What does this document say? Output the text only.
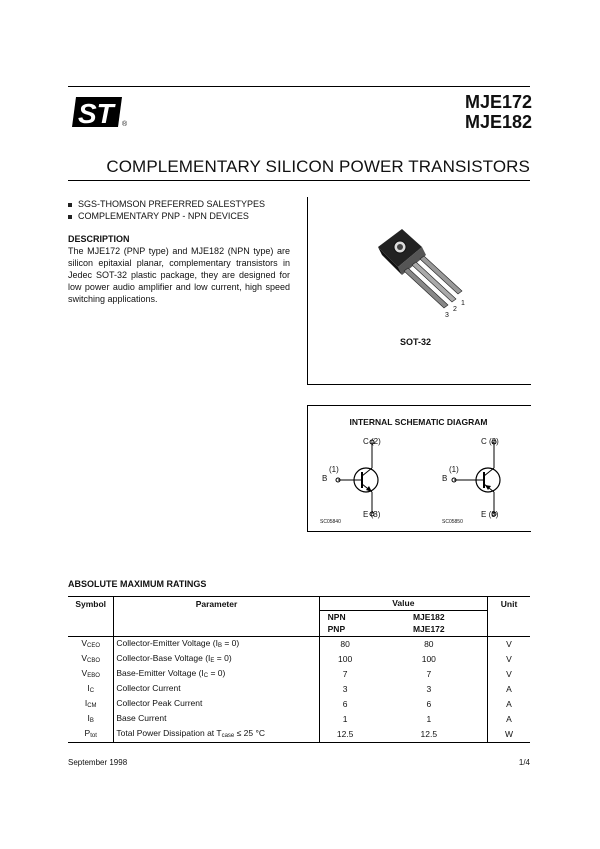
ST	®
MJE172
MJE182
COMPLEMENTARY SILICON POWER TRANSISTORS
SGS-THOMSON PREFERRED SALESTYPES
COMPLEMENTARY PNP - NPN DEVICES
DESCRIPTION
The MJE172 (PNP type) and MJE182 (NPN type) are silicon epitaxial planar, complementary transistors in Jedec SOT-32 plastic package, they are designed for low power audio amplifier and low current, high speed switching applications.	1
2
3
SOT-32
INTERNAL SCHEMATIC DIAGRAM
C (2)
B
(1)
E (3)
SC05840
C (2)
B
(1)
E (3)
SC05850
ABSOLUTE MAXIMUM RATINGS
Symbol	Parameter	Value		Unit
		NPN	MJE182	
		PNP	MJE172	
VCEO	Collector-Emitter Voltage (IB = 0)	80	80	V
VCBO	Collector-Base Voltage (IE = 0)	100	100	V
VEBO	Base-Emitter Voltage (IC = 0)	7	7	V
IC	Collector Current	3	3	A
ICM	Collector Peak Current	6	6	A
IB	Base Current	1	1	A
Ptot	Total Power Dissipation at Tcase ≤ 25 °C	12.5	12.5	W
September 1998	1/4
